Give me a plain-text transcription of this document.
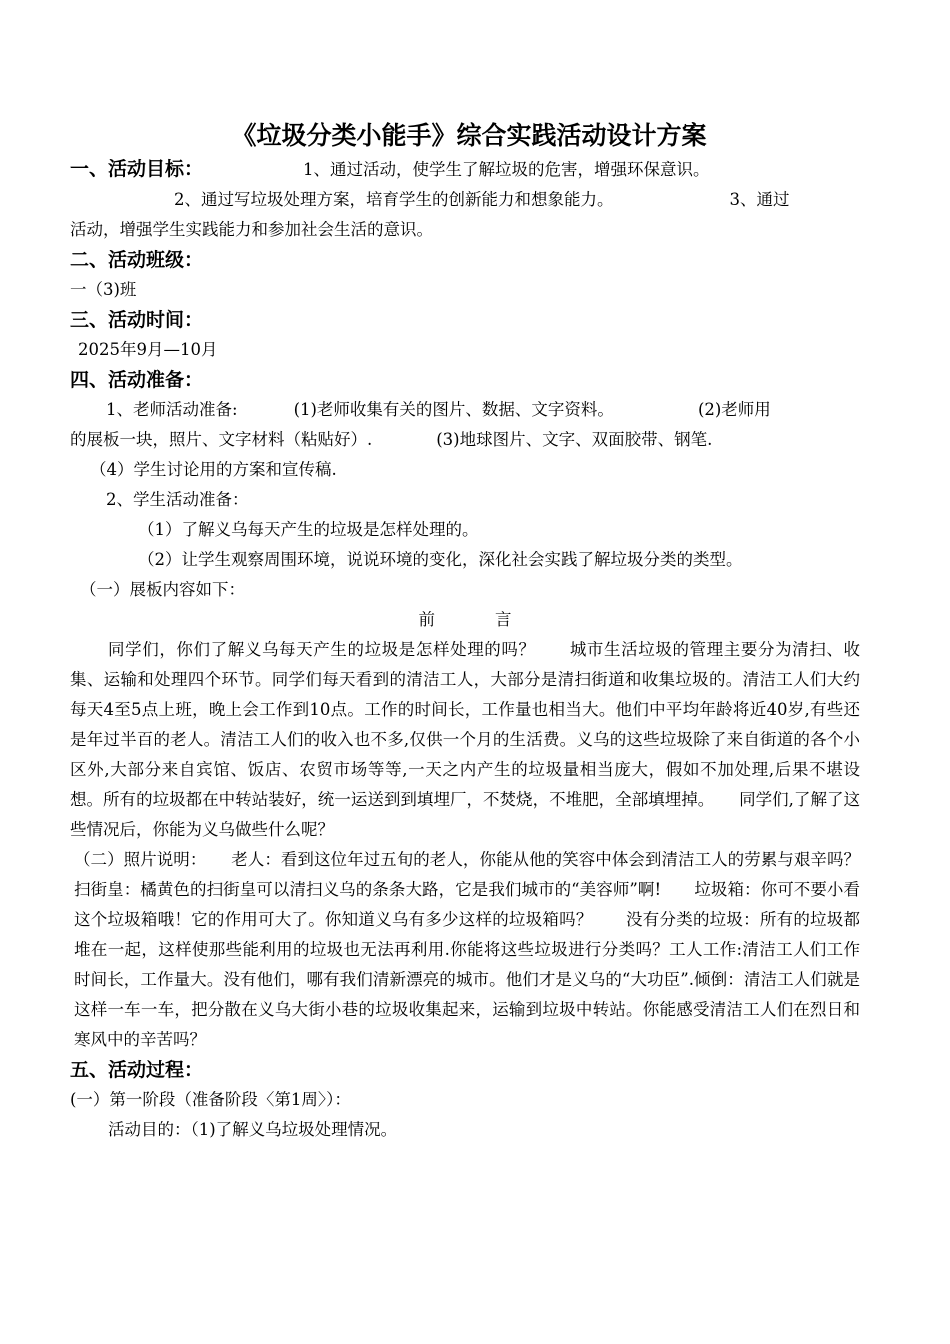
《垃圾分类小能手》综合实践活动设计方案

一、活动目标：	1、通过活动，使学生了解垃圾的危害，增强环保意识。

2、通过写垃圾处理方案，培育学生的创新能力和想象能力。	3、通过

活动，增强学生实践能力和参加社会生活的意识。

二、活动班级：

一（3)班

三、活动时间：

2025年9月—10月

四、活动准备：

1、老师活动准备:	(1)老师收集有关的图片、数据、文字资料。	(2)老师用

的展板一块，照片、文字材料（粘贴好）.	(3)地球图片、文字、双面胶带、钢笔.

（4）学生讨论用的方案和宣传稿.

2、学生活动准备：

（1）了解义乌每天产生的垃圾是怎样处理的。

（2）让学生观察周围环境，说说环境的变化，深化社会实践了解垃圾分类的类型。

（一）展板内容如下：

前言

同学们，你们了解义乌每天产生的垃圾是怎样处理的吗？　　城市生活垃圾的管理主要分为清扫、收集、运输和处理四个环节。同学们每天看到的清洁工人，大部分是清扫街道和收集垃圾的。清洁工人们大约每天4至5点上班，晚上会工作到10点。工作的时间长，工作量也相当大。他们中平均年龄将近40岁,有些还是年过半百的老人。清洁工人们的收入也不多,仅供一个月的生活费。义乌的这些垃圾除了来自街道的各个小区外,大部分来自宾馆、饭店、农贸市场等等,一天之内产生的垃圾量相当庞大，假如不加处理,后果不堪设想。所有的垃圾都在中转站装好，统一运送到到填埋厂，不焚烧，不堆肥，全部填埋掉。　　同学们,了解了这些情况后，你能为义乌做些什么呢？

（二）照片说明：　　老人：看到这位年过五旬的老人，你能从他的笑容中体会到清洁工人的劳累与艰辛吗？　　扫街皇：橘黄色的扫街皇可以清扫义乌的条条大路，它是我们城市的“美容师”啊!　　垃圾箱：你可不要小看这个垃圾箱哦！它的作用可大了。你知道义乌有多少这样的垃圾箱吗？　　没有分类的垃圾：所有的垃圾都堆在一起，这样使那些能利用的垃圾也无法再利用.你能将这些垃圾进行分类吗？工人工作:清洁工人们工作时间长，工作量大。没有他们，哪有我们清新漂亮的城市。他们才是义乌的“大功臣”.倾倒：清洁工人们就是这样一车一车，把分散在义乌大街小巷的垃圾收集起来，运输到垃圾中转站。你能感受清洁工人们在烈日和寒风中的辛苦吗？

五、活动过程：

(一）第一阶段（准备阶段〈第1周〉）：

活动目的：（1)了解义乌垃圾处理情况。
